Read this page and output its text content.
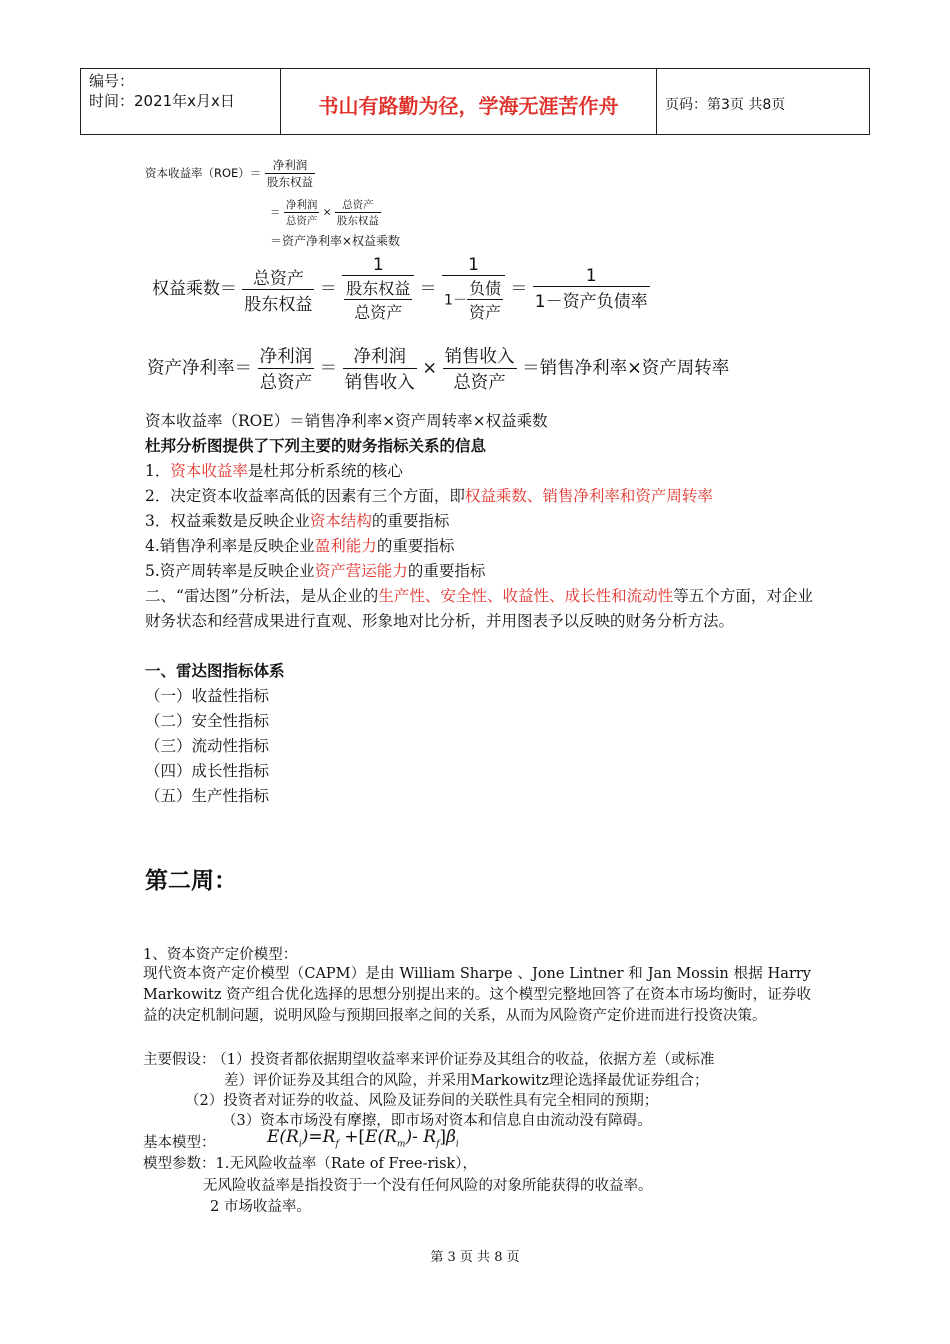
编号：
时间：2021年x月x日	书山有路勤为径，学海无涯苦作舟	页码：第3页 共8页
资本收益率$(ROE)= \frac{\text{净利润}}{\text{股东权益}}$
＝ $\frac{\text{净利润}}{\text{总资产}} \times \frac{\text{总资产}}{\text{股东权益}}$
＝资产净利率×权益乘数
权益乘数＝ $\frac{\text{总资产}}{\text{股东权益}} = \frac{1}{\frac{\text{股东权益}}{\text{总资产}}} = \frac{1}{1- \frac{\text{负债}}{\text{资产}}} = \frac{1}{\text{1－资产负债率}}$
资产净利率＝ $\frac{\text{净利润}}{\text{总资产}} = \frac{\text{净利润}}{\text{销售收入}} \times \frac{\text{销售收入}}{\text{总资产}}$ ＝销售净利率×资产周转率
资本收益率（ROE）＝销售净利率×资产周转率×权益乘数
杜邦分析图提供了下列主要的财务指标关系的信息
1．资本收益率是杜邦分析系统的核心
2．决定资本收益率高低的因素有三个方面，即权益乘数、销售净利率和资产周转率
3．权益乘数是反映企业资本结构的重要指标
4.销售净利率是反映企业盈利能力的重要指标
5.资产周转率是反映企业资产营运能力的重要指标
二、“雷达图”分析法，是从企业的生产性、安全性、收益性、成长性和流动性等五个方面，对企业财务状态和经营成果进行直观、形象地对比分析，并用图表予以反映的财务分析方法。
一、雷达图指标体系
（一）收益性指标
（二）安全性指标
（三）流动性指标
（四）成长性指标
（五）生产性指标
第二周：
1、资本资产定价模型：
现代资本资产定价模型（CAPM）是由 William Sharpe 、Jone Lintner 和 Jan Mossin 根据 Harry Markowitz 资产组合优化选择的思想分别提出来的。这个模型完整地回答了在资本市场均衡时，证券收益的决定机制问题，说明风险与预期回报率之间的关系，从而为风险资产定价进而进行投资决策。
主要假设： （1）投资者都依据期望收益率来评价证券及其组合的收益，依据方差（或标准
差）评价证券及其组合的风险，并采用Markowitz理论选择最优证券组合；
（2）投资者对证券的收益、风险及证券间的关联性具有完全相同的预期；
（3）资本市场没有摩擦，即市场对资本和信息自由流动没有障碍。
基本模型：	$E(R_i)=R_f +[E(R_m)-$ $R_f]\beta_i$
模型参数：1.无风险收益率（Rate of Free-risk），
无风险收益率是指投资于一个没有任何风险的对象所能获得的收益率。
2 市场收益率。
第 3 页 共 8 页
